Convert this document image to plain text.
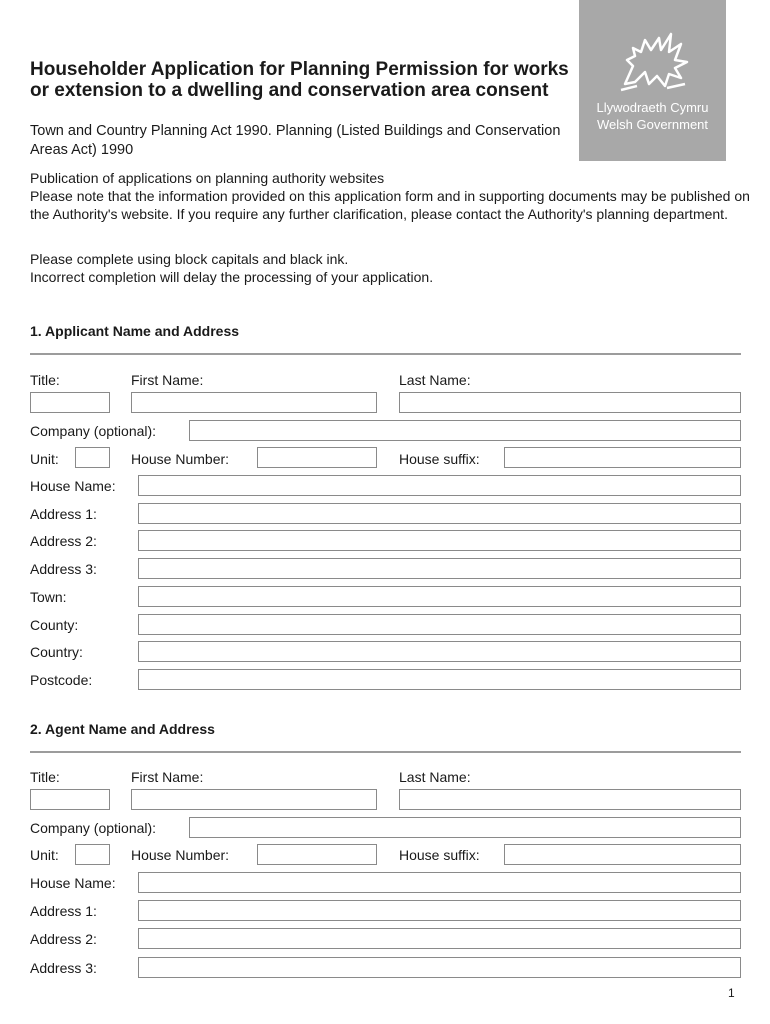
Llywodraeth Cymru
Welsh Government
Householder Application for Planning Permission for works or extension to a dwelling and conservation area consent
Town and Country Planning Act 1990. Planning (Listed Buildings and Conservation Areas Act) 1990
Publication of applications on planning authority websites
Please note that the information provided on this application form and in supporting documents may be published on the Authority's website. If you require any further clarification, please contact the Authority's planning department.
Please complete using block capitals and black ink.
Incorrect completion will delay the processing of your application.
1. Applicant Name and Address
Title:	First Name:	Last Name:
Company (optional):
Unit:	House Number:	House suffix:
House Name:
Address 1:
Address 2:
Address 3:
Town:
County:
Country:
Postcode:
2. Agent Name and Address
Title:	First Name:	Last Name:
Company (optional):
Unit:	House Number:	House suffix:
House Name:
Address 1:
Address 2:
Address 3:
1
